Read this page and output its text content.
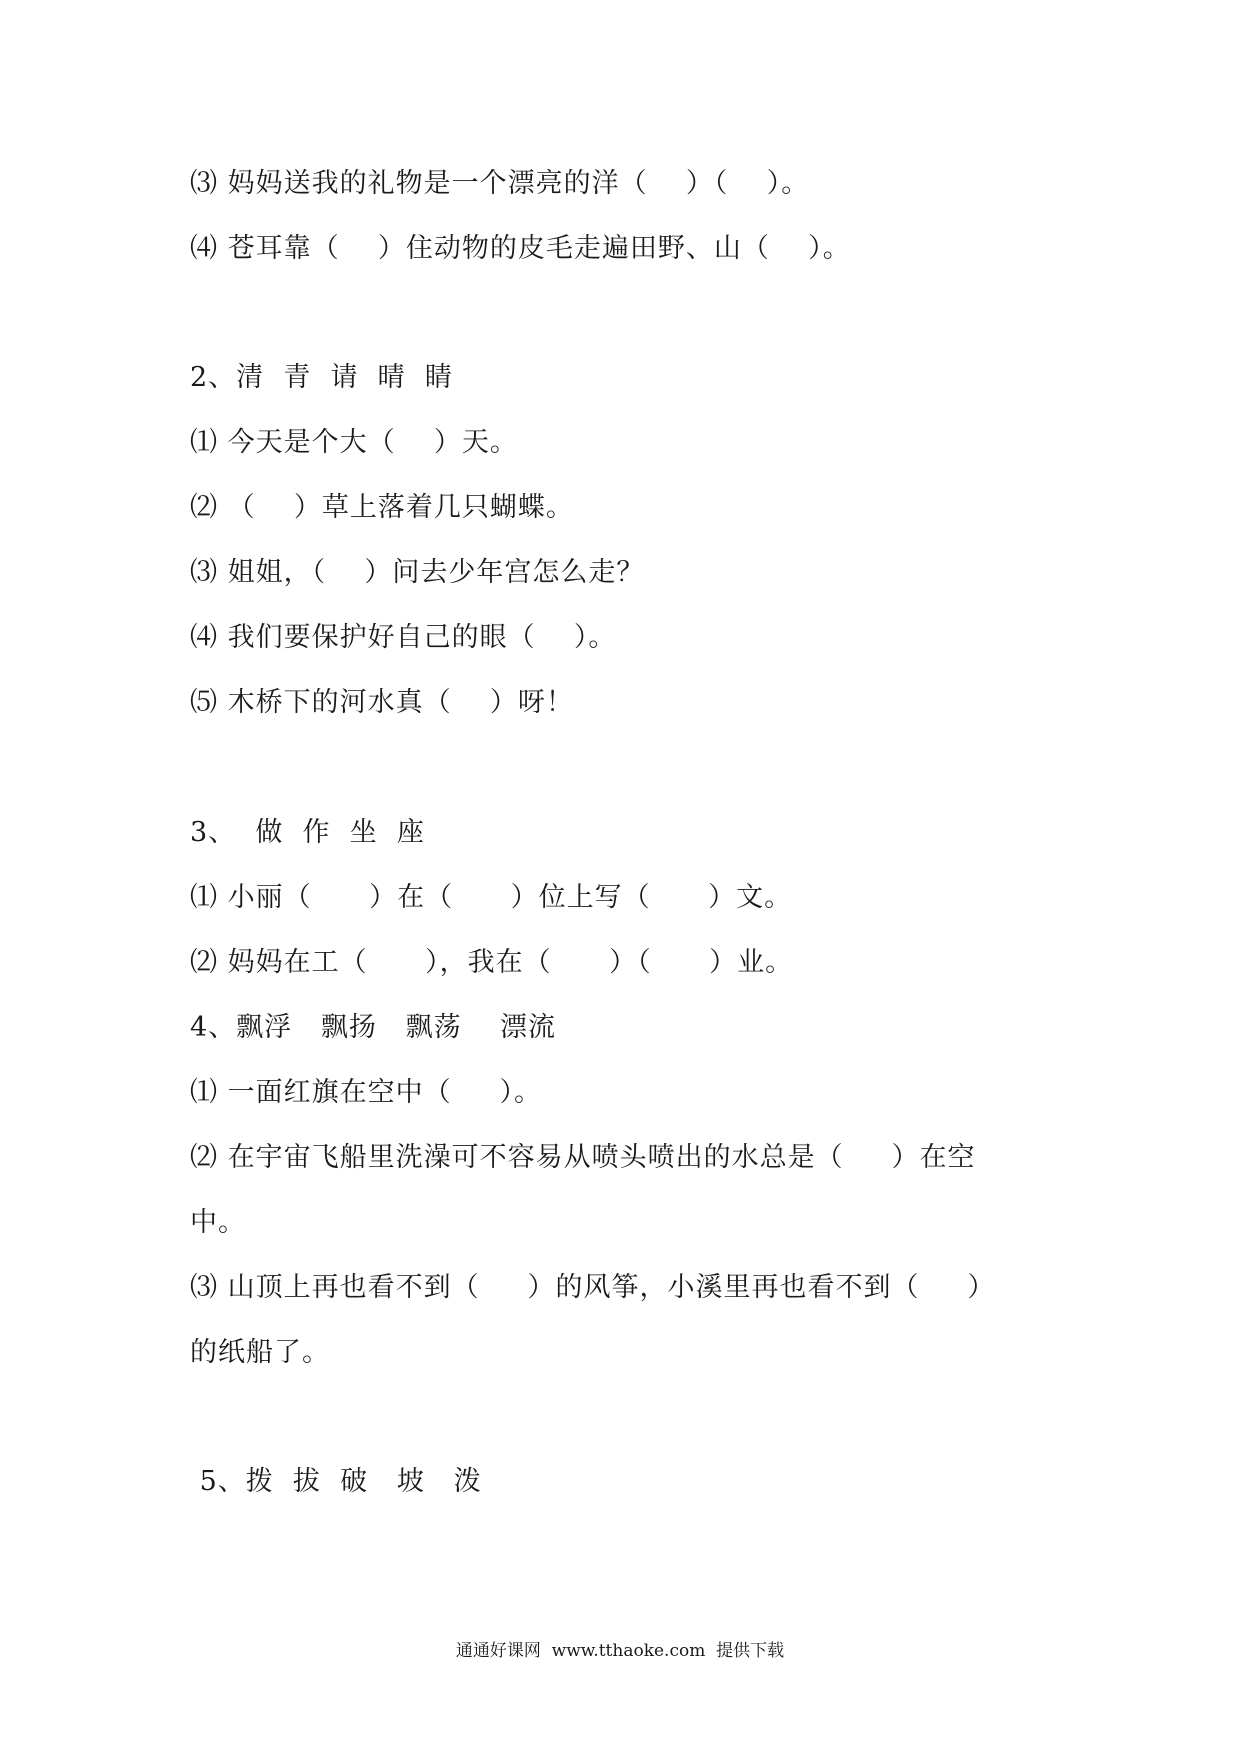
⑶ 妈妈送我的礼物是一个漂亮的洋（    ）（    ）。
⑷ 苍耳靠（    ）住动物的皮毛走遍田野、山（    ）。
2、清  青  请  晴  睛
⑴ 今天是个大（    ）天。
⑵ （    ）草上落着几只蝴蝶。
⑶ 姐姐，（    ）问去少年宫怎么走？
⑷ 我们要保护好自己的眼（    ）。
⑸ 木桥下的河水真（    ）呀！
3、  做  作  坐  座
⑴ 小丽（      ）在（      ）位上写（      ）文。
⑵ 妈妈在工（      ），我在（      ）（      ）业。
4、飘浮   飘扬   飘荡    漂流
⑴ 一面红旗在空中（     ）。
⑵ 在宇宙飞船里洗澡可不容易从喷头喷出的水总是（     ）在空
中。
⑶ 山顶上再也看不到（     ）的风筝，小溪里再也看不到（     ）
的纸船了。
5、拨  拔  破   坡   泼
通通好课网  www.tthaoke.com  提供下载
